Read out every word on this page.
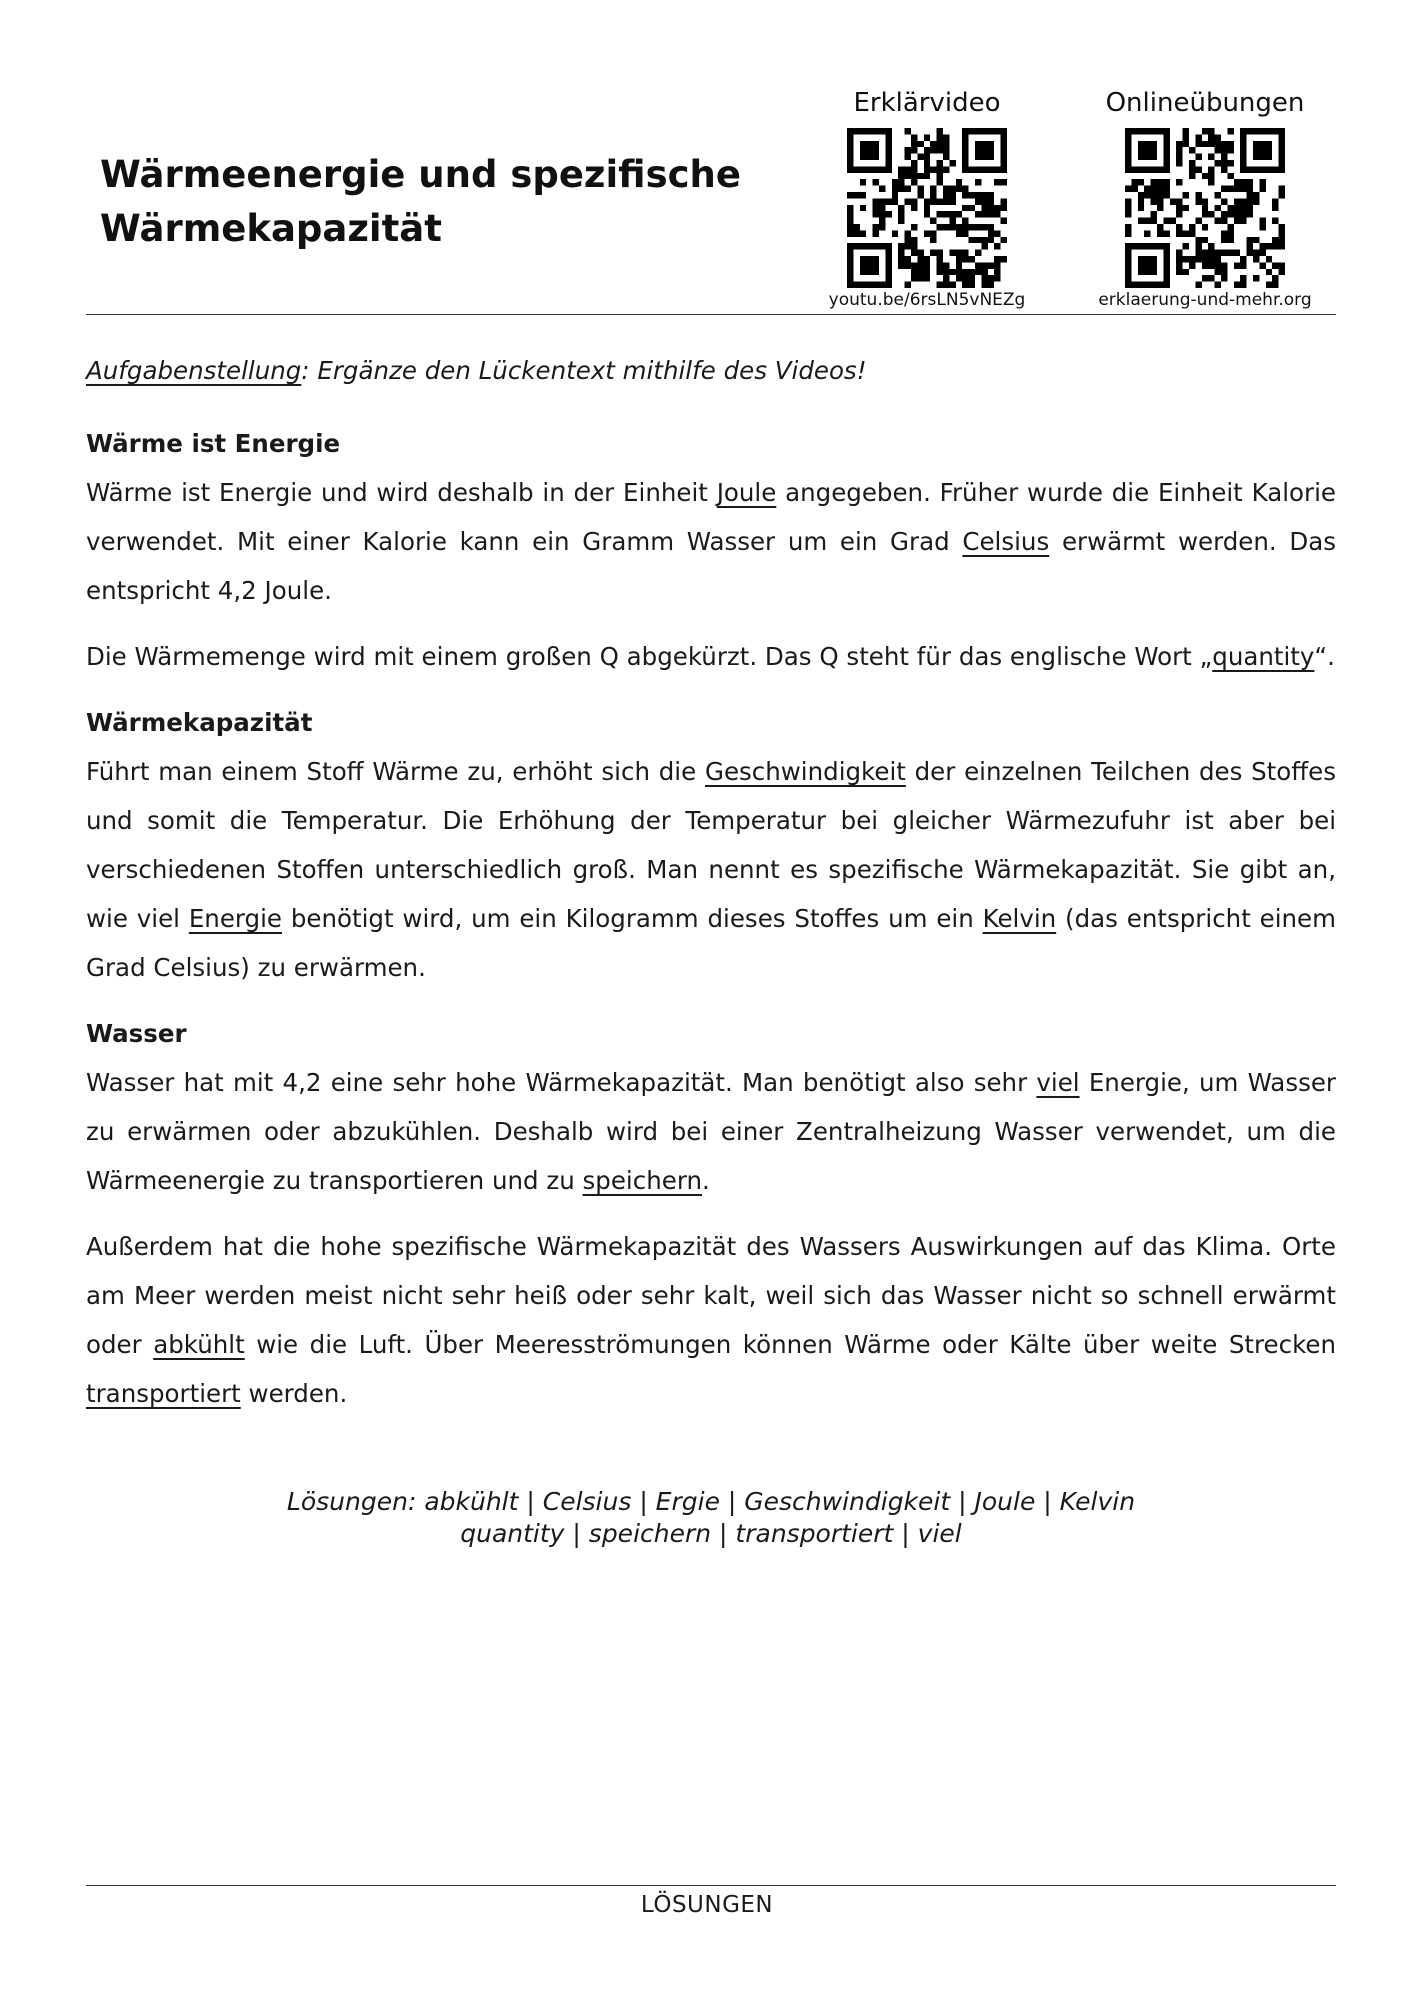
Wärmeenergie und spezifische
Wärmekapazität
Erklärvideo
youtu.be/6rsLN5vNEZg
Onlineübungen
erklaerung-und-mehr.org
Aufgabenstellung: Ergänze den Lückentext mithilfe des Videos!
Wärme ist Energie

Wärme ist Energie und wird deshalb in der Einheit Joule angegeben. Früher wurde die Einheit Kalorie verwendet. Mit einer Kalorie kann ein Gramm Wasser um ein Grad Celsius erwärmt werden. Das entspricht 4,2 Joule.

Die Wärmemenge wird mit einem großen Q abgekürzt. Das Q steht für das englische Wort „quantity“.

Wärmekapazität

Führt man einem Stoff Wärme zu, erhöht sich die Geschwindigkeit der einzelnen Teilchen des Stoffes und somit die Temperatur. Die Erhöhung der Temperatur bei gleicher Wärmezufuhr ist aber bei verschiedenen Stoffen unterschiedlich groß. Man nennt es spezifische Wärmekapazität. Sie gibt an, wie viel Energie benötigt wird, um ein Kilogramm dieses Stoffes um ein Kelvin (das entspricht einem Grad Celsius) zu erwärmen.

Wasser

Wasser hat mit 4,2 eine sehr hohe Wärmekapazität. Man benötigt also sehr viel Energie, um Wasser zu erwärmen oder abzukühlen. Deshalb wird bei einer Zentralheizung Wasser verwendet, um die Wärmeenergie zu transportieren und zu speichern.

Außerdem hat die hohe spezifische Wärmekapazität des Wassers Auswirkungen auf das Klima. Orte am Meer werden meist nicht sehr heiß oder sehr kalt, weil sich das Wasser nicht so schnell erwärmt oder abkühlt wie die Luft. Über Meeresströmungen können Wärme oder Kälte über weite Strecken transportiert werden.

Lösungen: abkühlt | Celsius | Ergie | Geschwindigkeit | Joule | Kelvin
quantity | speichern | transportiert | viel
LÖSUNGEN
